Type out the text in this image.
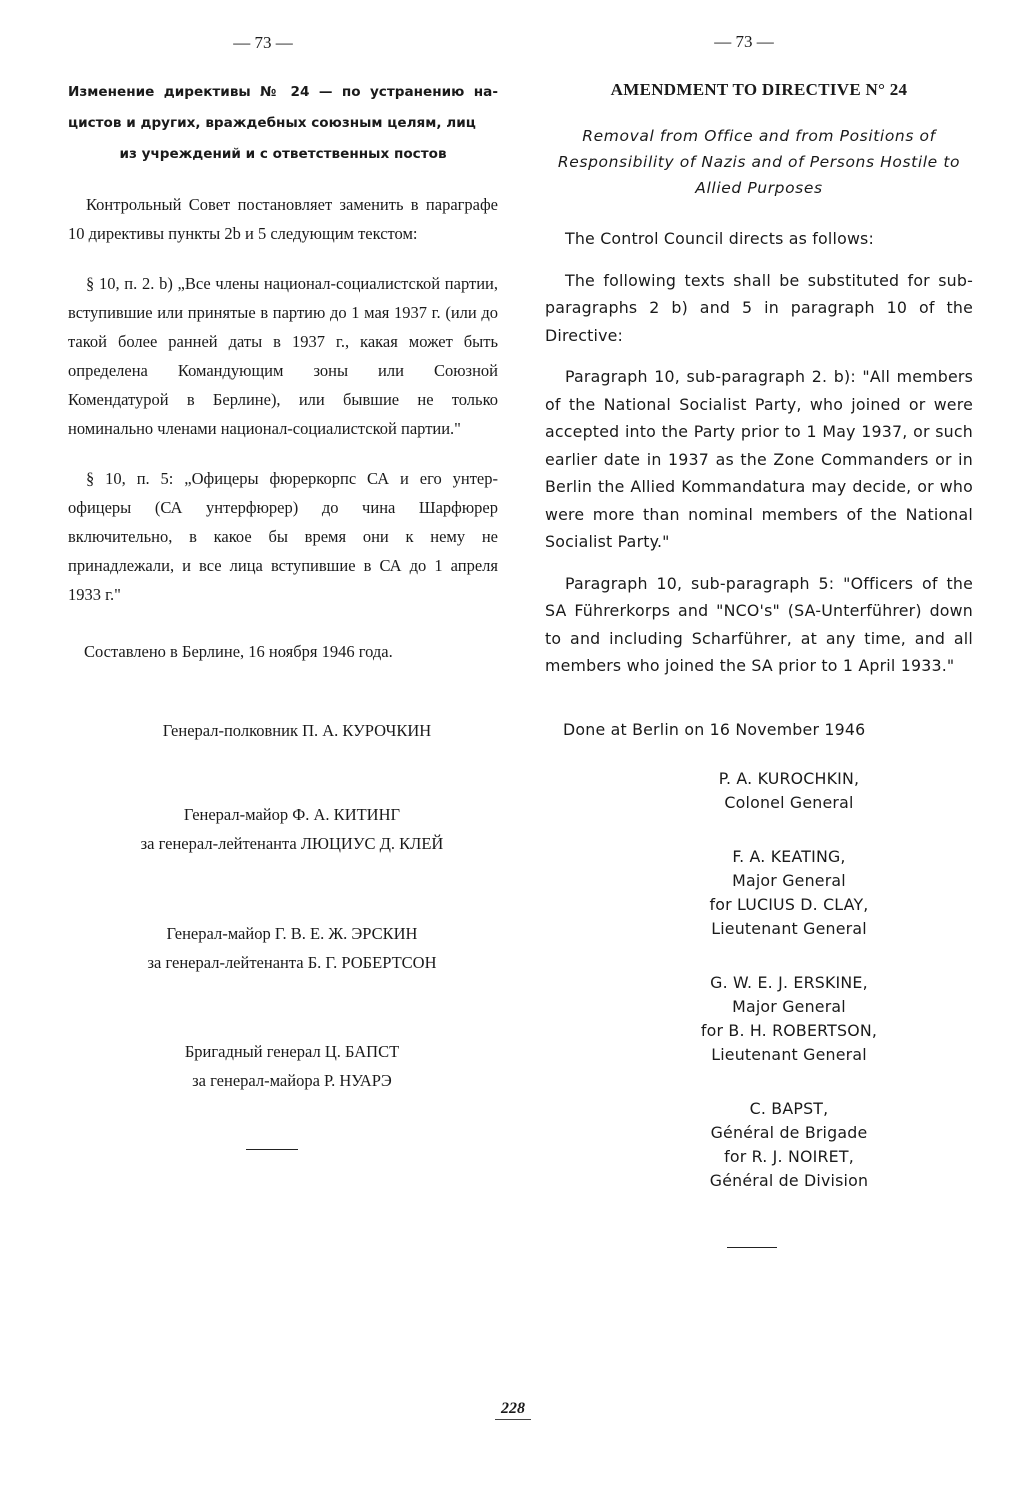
— 73 —
Изменение директивы № 24 — по устранению на- цистов и других, враждебных союзным целям, лиц
из учреждений и с ответственных постов

Контрольный Совет постановляет заменить в параграфе 10 директивы пункты 2b и 5 следующим текстом:

§ 10, п. 2. b) „Все члены национал-социалистской партии, вступившие или принятые в партию до 1 мая 1937 г. (или до такой более ранней даты в 1937 г., какая может быть определена Командующим зоны или Союзной Комендатурой в Берлине), или бывшие не только номинально членами национал-социалистской партии."

§ 10, п. 5: „Офицеры фюрeркорпс СА и его унтер-офицеры (СА унтерфюрер) до чина Шарфюрер включительно, в какое бы время они к нему не принадлежали, и все лица вступившие в СА до 1 апреля 1933 г."

Составлено в Берлине, 16 ноября 1946 года.

Генерал-полковник П. А. КУРОЧКИН

Генерал-майор Ф. А. КИТИНГ

за генерал-лейтенанта ЛЮЦИУС Д. КЛЕЙ

Генерал-майор Г. В. Е. Ж. ЭРСКИН

за генерал-лейтенанта Б. Г. РОБЕРТСОН

Бригадный генерал Ц. БАПСТ

за генерал-майора Р. НУАРЭ

— 73 —
AMENDMENT TO DIRECTIVE N° 24
Removal from Office and from Positions of Responsibility of Nazis and of Persons Hostile to Allied Purposes

The Control Council directs as follows:

The following texts shall be substituted for sub-paragraphs 2 b) and 5 in paragraph 10 of the Directive:

Paragraph 10, sub-paragraph 2. b): "All members of the National Socialist Party, who joined or were accepted into the Party prior to 1 May 1937, or such earlier date in 1937 as the Zone Commanders or in Berlin the Allied Kommandatura may decide, or who were more than nominal members of the National Socialist Party."

Paragraph 10, sub-paragraph 5: "Officers of the SA Führerkorps and "NCO's" (SA-Unterführer) down to and including Scharführer, at any time, and all members who joined the SA prior to 1 April 1933."

Done at Berlin on 16 November 1946

P. A. KUROCHKIN,

Colonel General

F. A. KEATING,

Major General

for LUCIUS D. CLAY,

Lieutenant General

G. W. E. J. ERSKINE,

Major General

for B. H. ROBERTSON,

Lieutenant General

C. BAPST,

Général de Brigade

for R. J. NOIRET,

Général de Division

228
